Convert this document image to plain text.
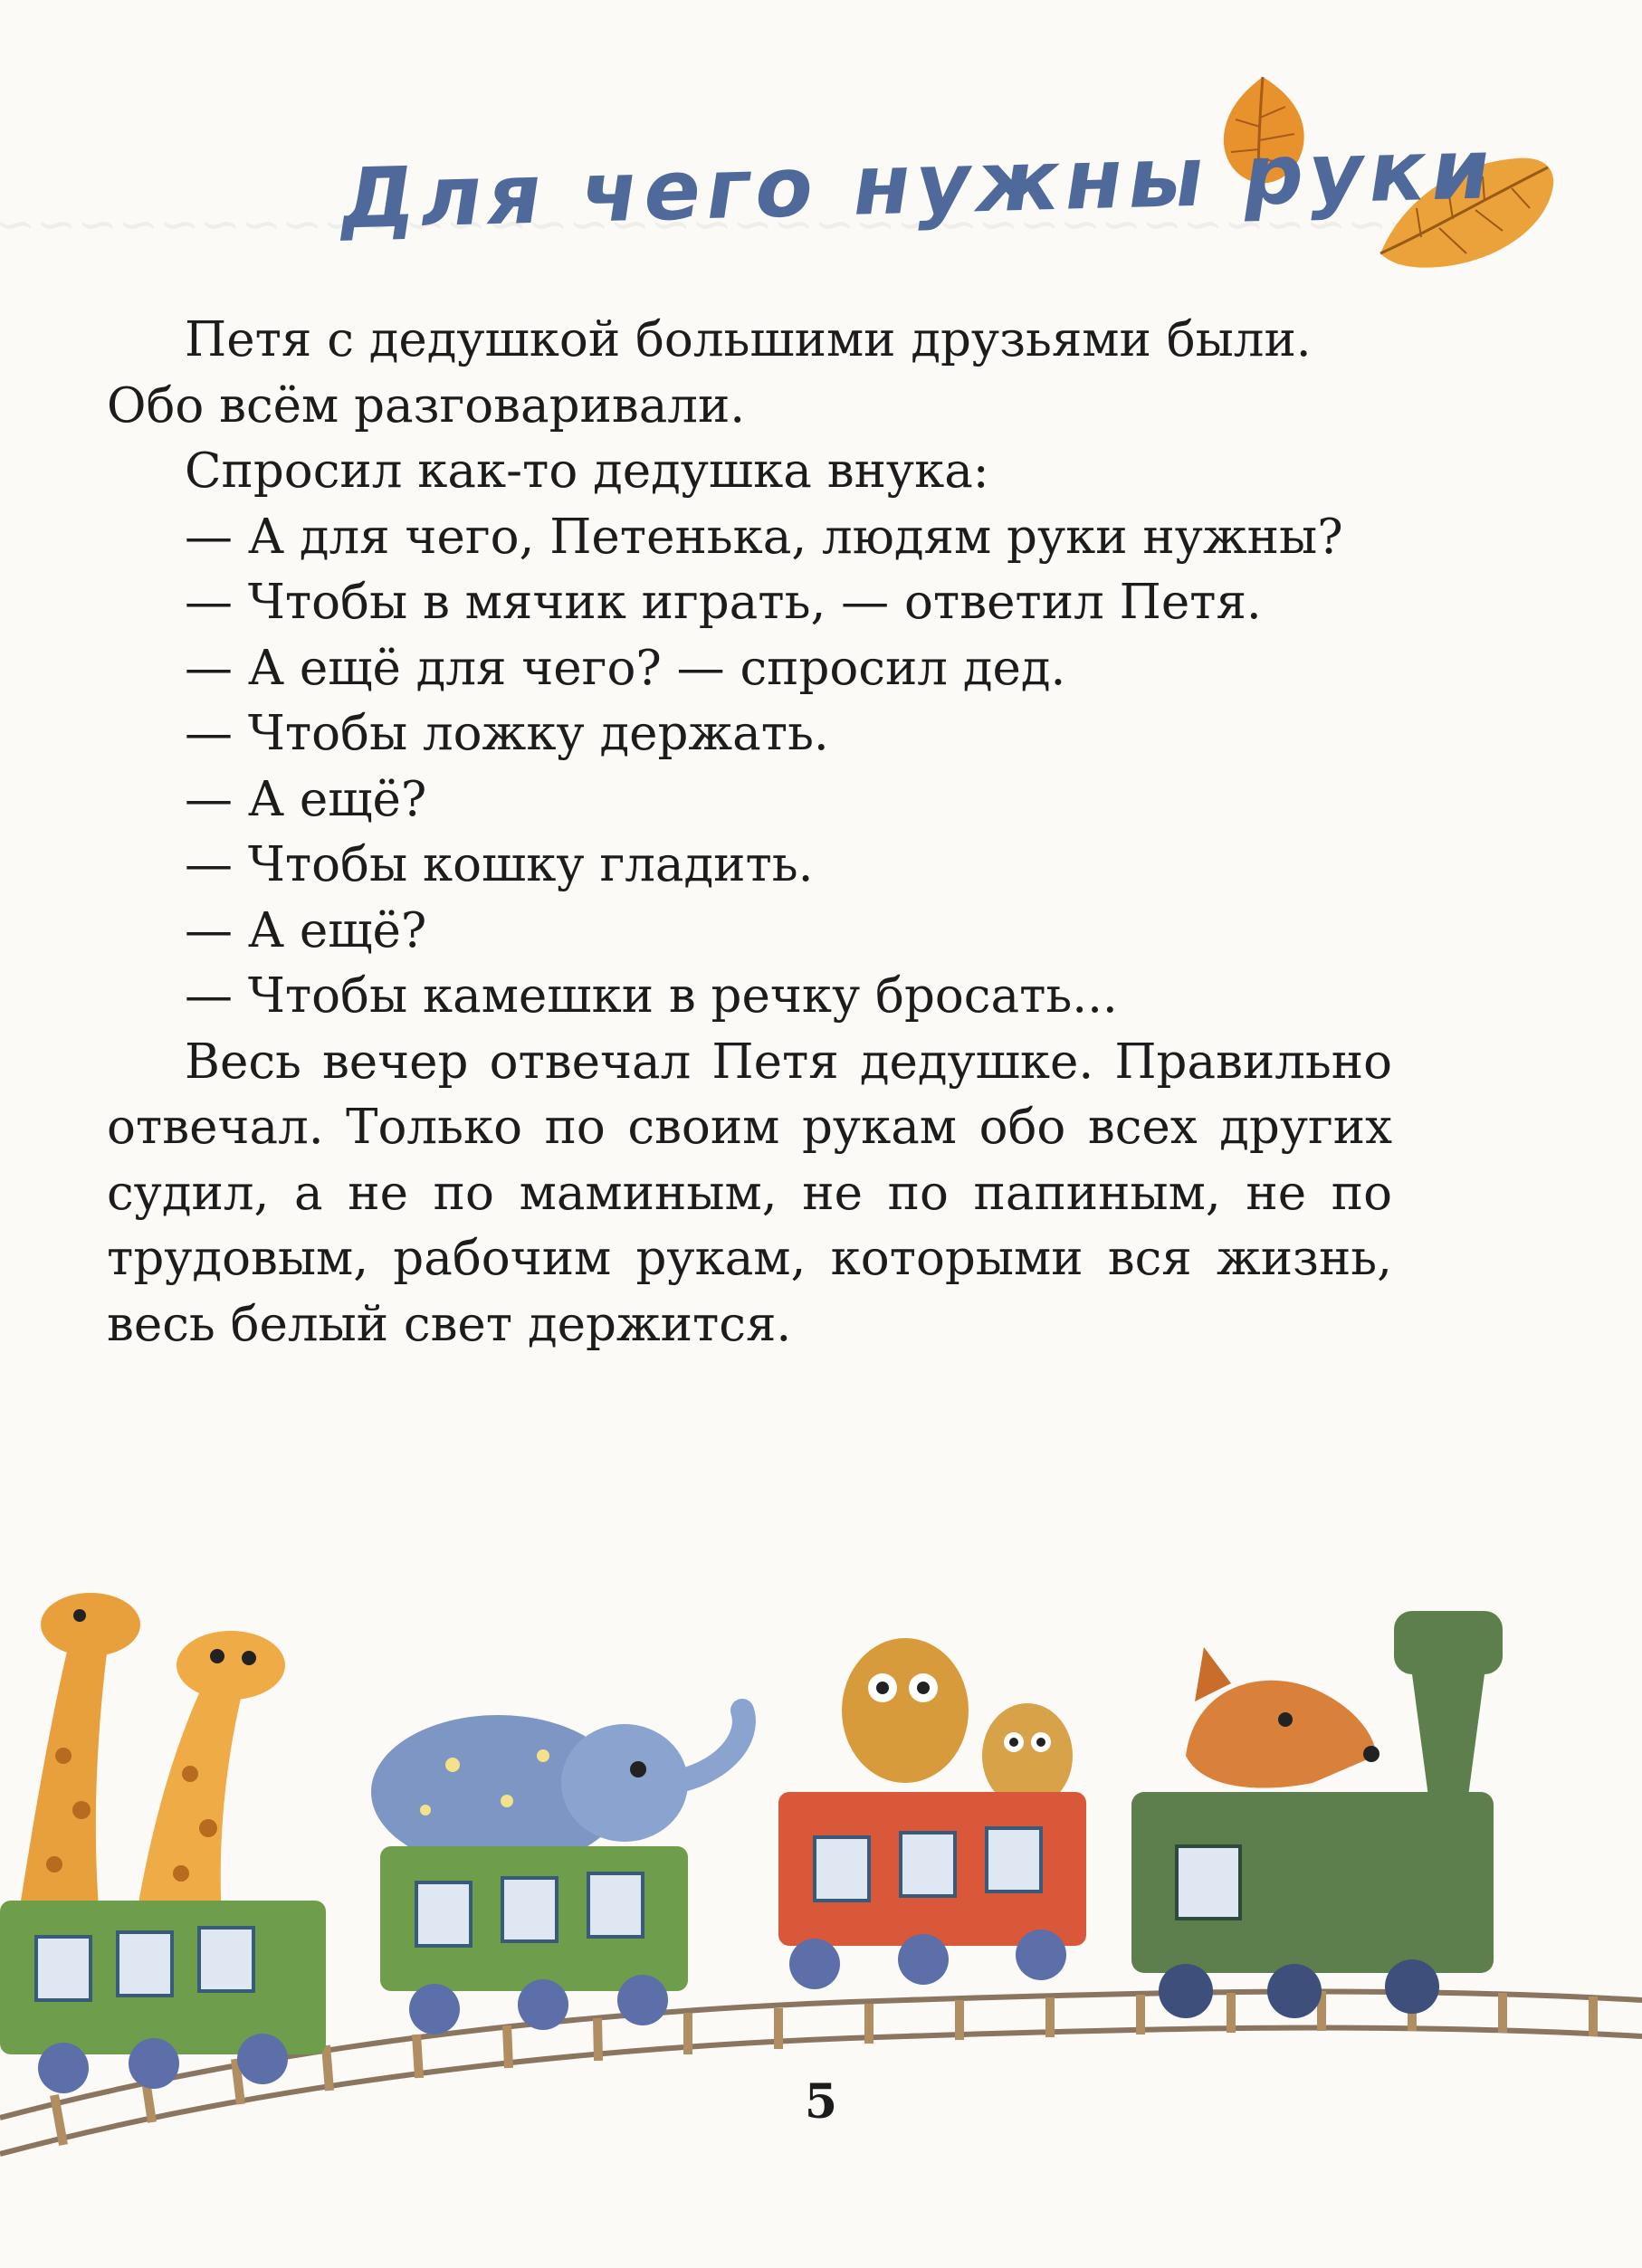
Для чего нужны руки

Петя с дедушкой большими друзьями были.
Обо всём разговаривали.

Спросил как-то дедушка внука:

— А для чего, Петенька, людям руки нужны?

— Чтобы в мячик играть, — ответил Петя.

— А ещё для чего? — спросил дед.

— Чтобы ложку держать.

— А ещё?

— Чтобы кошку гладить.

— А ещё?

— Чтобы камешки в речку бросать...

Весь вечер отвечал Петя дедушке. Правильно отвечал. Только по своим рукам обо всех других судил, а не по маминым, не по папиным, не по трудовым, рабочим рукам, которыми вся жизнь, весь белый свет держится.

5
